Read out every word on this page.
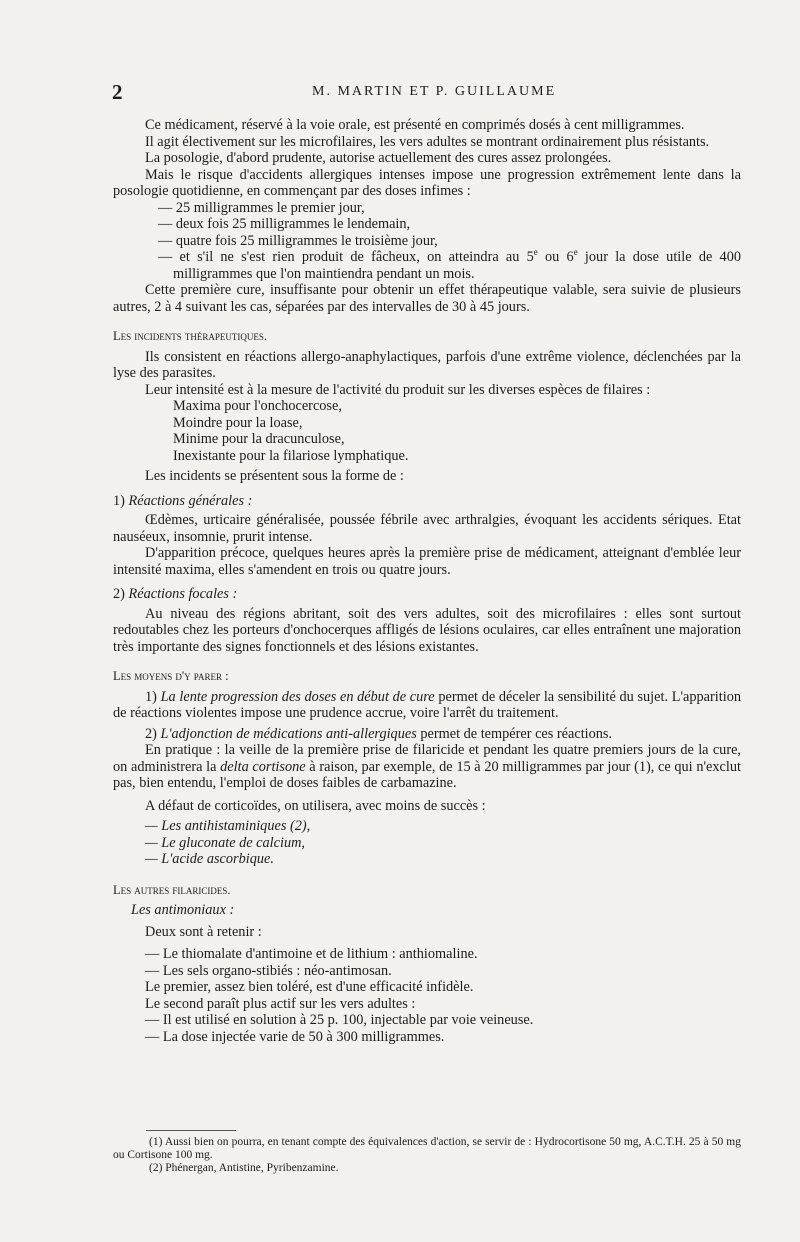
2	M. MARTIN ET P. GUILLAUME

Ce médicament, réservé à la voie orale, est présenté en comprimés dosés à cent milligrammes.

Il agit électivement sur les microfilaires, les vers adultes se montrant ordinairement plus résistants.

La posologie, d'abord prudente, autorise actuellement des cures assez prolongées.

Mais le risque d'accidents allergiques intenses impose une progression extrêmement lente dans la posologie quotidienne, en commençant par des doses infimes :

— 25 milligrammes le premier jour,

— deux fois 25 milligrammes le lendemain,

— quatre fois 25 milligrammes le troisième jour,

— et s'il ne s'est rien produit de fâcheux, on atteindra au 5e ou 6e jour la dose utile de 400 milligrammes que l'on maintiendra pendant un mois.

Cette première cure, insuffisante pour obtenir un effet thérapeutique valable, sera suivie de plusieurs autres, 2 à 4 suivant les cas, séparées par des intervalles de 30 à 45 jours.

Les incidents thérapeutiques.

Ils consistent en réactions allergo-anaphylactiques, parfois d'une extrême violence, déclenchées par la lyse des parasites.

Leur intensité est à la mesure de l'activité du produit sur les diverses espèces de filaires :

Maxima pour l'onchocercose,

Moindre pour la loase,

Minime pour la dracunculose,

Inexistante pour la filariose lymphatique.

Les incidents se présentent sous la forme de :

1) Réactions générales :

Œdèmes, urticaire généralisée, poussée fébrile avec arthralgies, évoquant les accidents sériques. Etat nauséeux, insomnie, prurit intense.

D'apparition précoce, quelques heures après la première prise de médicament, atteignant d'emblée leur intensité maxima, elles s'amendent en trois ou quatre jours.

2) Réactions focales :

Au niveau des régions abritant, soit des vers adultes, soit des microfilaires : elles sont surtout redoutables chez les porteurs d'onchocerques affligés de lésions oculaires, car elles entraînent une majoration très importante des signes fonctionnels et des lésions existantes.

Les moyens d'y parer :

1) La lente progression des doses en début de cure permet de déceler la sensibilité du sujet. L'apparition de réactions violentes impose une prudence accrue, voire l'arrêt du traitement.

2) L'adjonction de médications anti-allergiques permet de tempérer ces réactions.

En pratique : la veille de la première prise de filaricide et pendant les quatre premiers jours de la cure, on administrera la delta cortisone à raison, par exemple, de 15 à 20 milligrammes par jour (1), ce qui n'exclut pas, bien entendu, l'emploi de doses faibles de carbamazine.

A défaut de corticoïdes, on utilisera, avec moins de succès :

— Les antihistaminiques (2),

— Le gluconate de calcium,

— L'acide ascorbique.

Les autres filaricides.

Les antimoniaux :

Deux sont à retenir :

— Le thiomalate d'antimoine et de lithium : anthiomaline.

— Les sels organo-stibiés : néo-antimosan.

Le premier, assez bien toléré, est d'une efficacité infidèle.

Le second paraît plus actif sur les vers adultes :

— Il est utilisé en solution à 25 p. 100, injectable par voie veineuse.

— La dose injectée varie de 50 à 300 milligrammes.

(1) Aussi bien on pourra, en tenant compte des équivalences d'action, se servir de : Hydrocortisone 50 mg, A.C.T.H. 25 à 50 mg ou Cortisone 100 mg.

(2) Phénergan, Antistine, Pyribenzamine.
